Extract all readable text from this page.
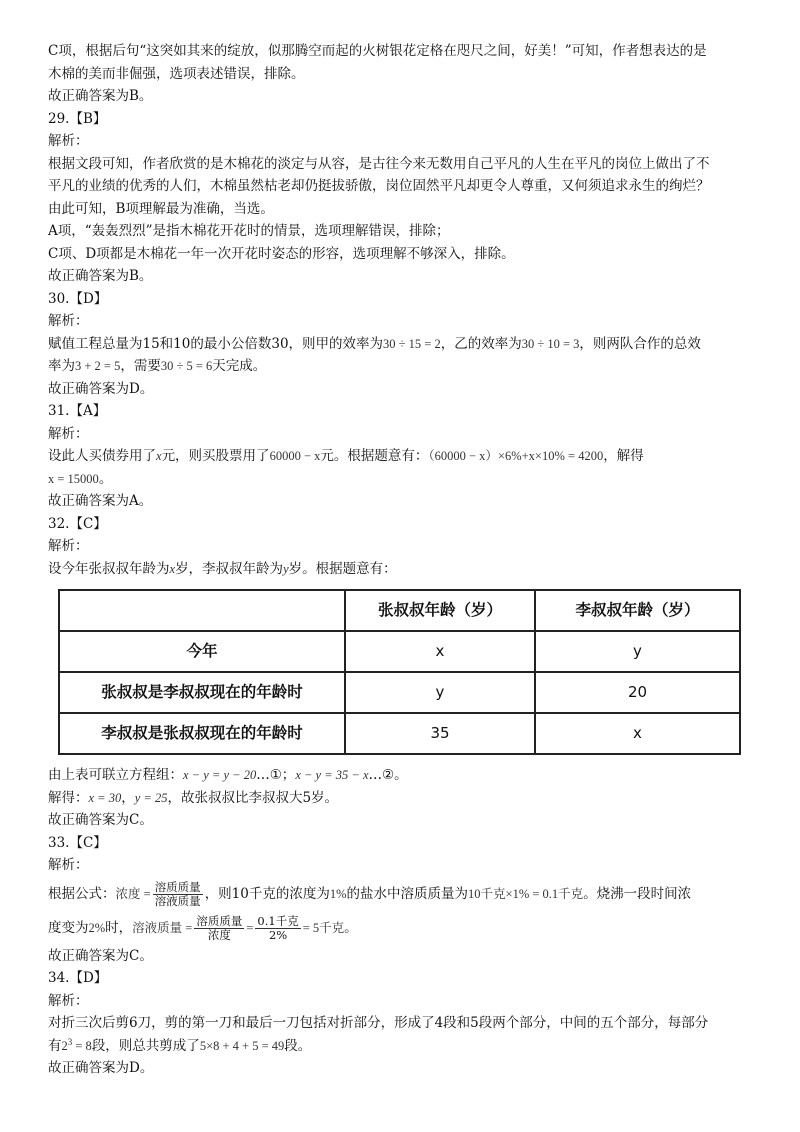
C项，根据后句“这突如其来的绽放，似那腾空而起的火树银花定格在咫尺之间，好美！”可知，作者想表达的是
木棉的美而非倔强，选项表述错误，排除。
故正确答案为B。
29.【B】
解析：
根据文段可知，作者欣赏的是木棉花的淡定与从容，是古往今来无数用自己平凡的人生在平凡的岗位上做出了不
平凡的业绩的优秀的人们，木棉虽然枯老却仍挺拔骄傲，岗位固然平凡却更令人尊重，又何须追求永生的绚烂？
由此可知，B项理解最为准确，当选。
A项，“轰轰烈烈”是指木棉花开花时的情景，选项理解错误，排除；
C项、D项都是木棉花一年一次开花时姿态的形容，选项理解不够深入，排除。
故正确答案为B。
30.【D】
解析：
赋值工程总量为15和10的最小公倍数30，则甲的效率为30 ÷ 15 = 2，乙的效率为30 ÷ 10 = 3，则两队合作的总效
率为3 + 2 = 5，需要30 ÷ 5 = 6天完成。
故正确答案为D。
31.【A】
解析：
设此人买债券用了x元，则买股票用了60000 − x元。根据题意有：（60000 − x）×6%+x×10% = 4200，解得
x = 15000。
故正确答案为A。
32.【C】
解析：
设今年张叔叔年龄为x岁，李叔叔年龄为y岁。根据题意有：
	张叔叔年龄（岁）	李叔叔年龄（岁）
今年	x	y
张叔叔是李叔叔现在的年龄时	y	20
李叔叔是张叔叔现在的年龄时	35	x
由上表可联立方程组：x − y = y − 20…①；x − y = 35 − x…②。
解得：x = 30，y = 25，故张叔叔比李叔叔大5岁。
故正确答案为C。
33.【C】
解析：
根据公式：浓度 = $\frac{\text{溶质质量}}{\text{溶液质量}}$ ，则10千克的浓度为1%的盐水中溶质质量为10千克×1% = 0.1千克。烧沸一段时间浓
度变为2%时，溶液质量 = $\frac{\text{溶质质量}}{\text{浓度}} = \frac{\text{0.1千克}}{2\%} = 5$千克。
故正确答案为C。
34.【D】
解析：
对折三次后剪6刀，剪的第一刀和最后一刀包括对折部分，形成了4段和5段两个部分，中间的五个部分，每部分
有$2^3 = 8$段，则总共剪成了5×8 + 4 + 5 = 49段。
故正确答案为D。
